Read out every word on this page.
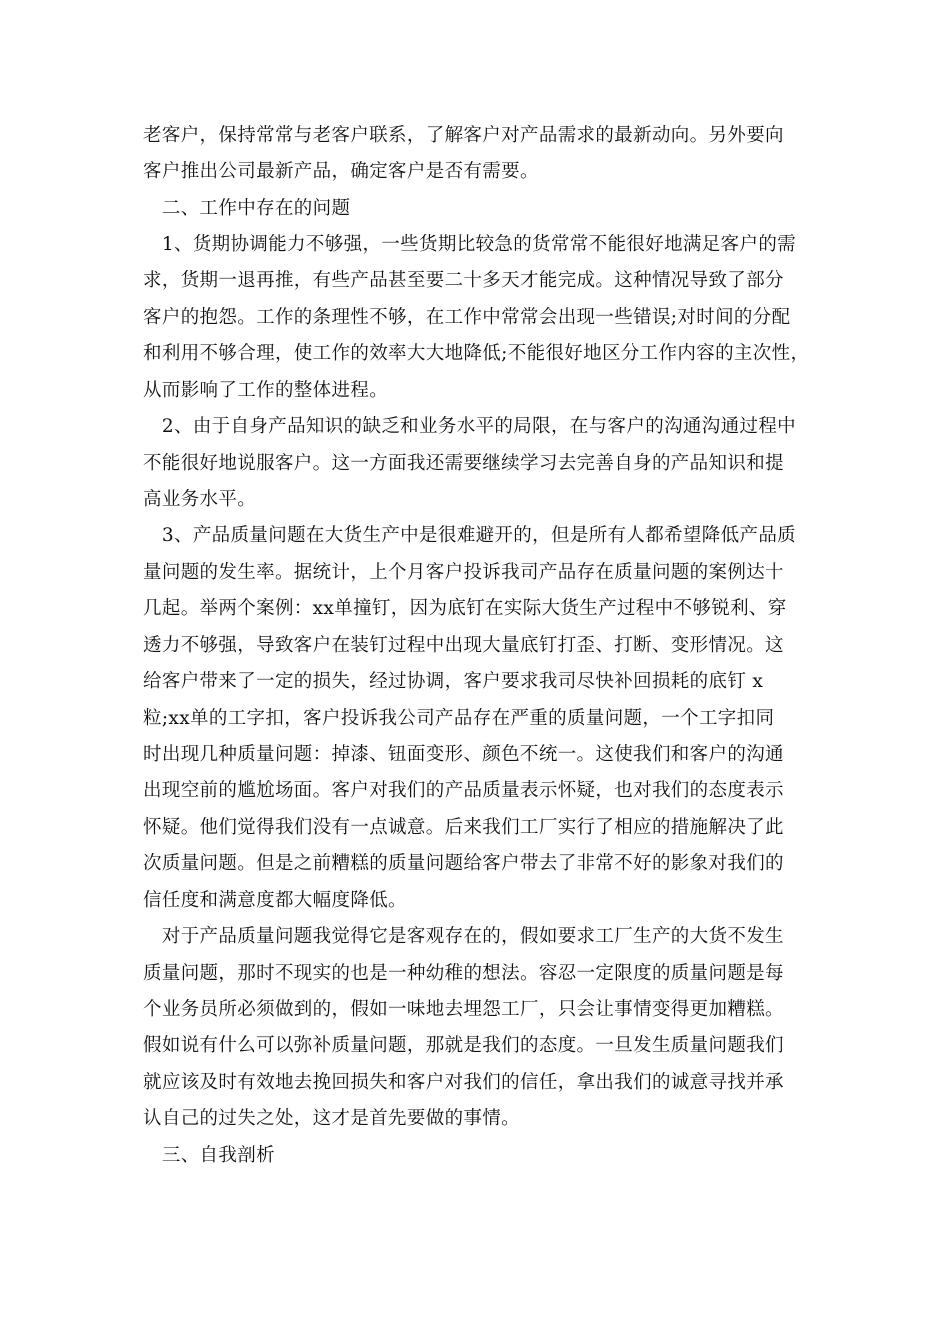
老客户，保持常常与老客户联系，了解客户对产品需求的最新动向。另外要向
客户推出公司最新产品，确定客户是否有需要。
　二、工作中存在的问题
　1、货期协调能力不够强，一些货期比较急的货常常不能很好地满足客户的需
求，货期一退再推，有些产品甚至要二十多天才能完成。这种情况导致了部分
客户的抱怨。工作的条理性不够，在工作中常常会出现一些错误;对时间的分配
和利用不够合理，使工作的效率大大地降低;不能很好地区分工作内容的主次性，
从而影响了工作的整体进程。
　2、由于自身产品知识的缺乏和业务水平的局限，在与客户的沟通沟通过程中
不能很好地说服客户。这一方面我还需要继续学习去完善自身的产品知识和提
高业务水平。
　3、产品质量问题在大货生产中是很难避开的，但是所有人都希望降低产品质
量问题的发生率。据统计，上个月客户投诉我司产品存在质量问题的案例达十
几起。举两个案例：xx单撞钉，因为底钉在实际大货生产过程中不够锐利、穿
透力不够强，导致客户在装钉过程中出现大量底钉打歪、打断、变形情况。这
给客户带来了一定的损失，经过协调，客户要求我司尽快补回损耗的底钉 x
粒;xx单的工字扣，客户投诉我公司产品存在严重的质量问题，一个工字扣同
时出现几种质量问题：掉漆、钮面变形、颜色不统一。这使我们和客户的沟通
出现空前的尴尬场面。客户对我们的产品质量表示怀疑，也对我们的态度表示
怀疑。他们觉得我们没有一点诚意。后来我们工厂实行了相应的措施解决了此
次质量问题。但是之前糟糕的质量问题给客户带去了非常不好的影象对我们的
信任度和满意度都大幅度降低。
　对于产品质量问题我觉得它是客观存在的，假如要求工厂生产的大货不发生
质量问题，那时不现实的也是一种幼稚的想法。容忍一定限度的质量问题是每
个业务员所必须做到的，假如一味地去埋怨工厂，只会让事情变得更加糟糕。
假如说有什么可以弥补质量问题，那就是我们的态度。一旦发生质量问题我们
就应该及时有效地去挽回损失和客户对我们的信任，拿出我们的诚意寻找并承
认自己的过失之处，这才是首先要做的事情。
　三、自我剖析
